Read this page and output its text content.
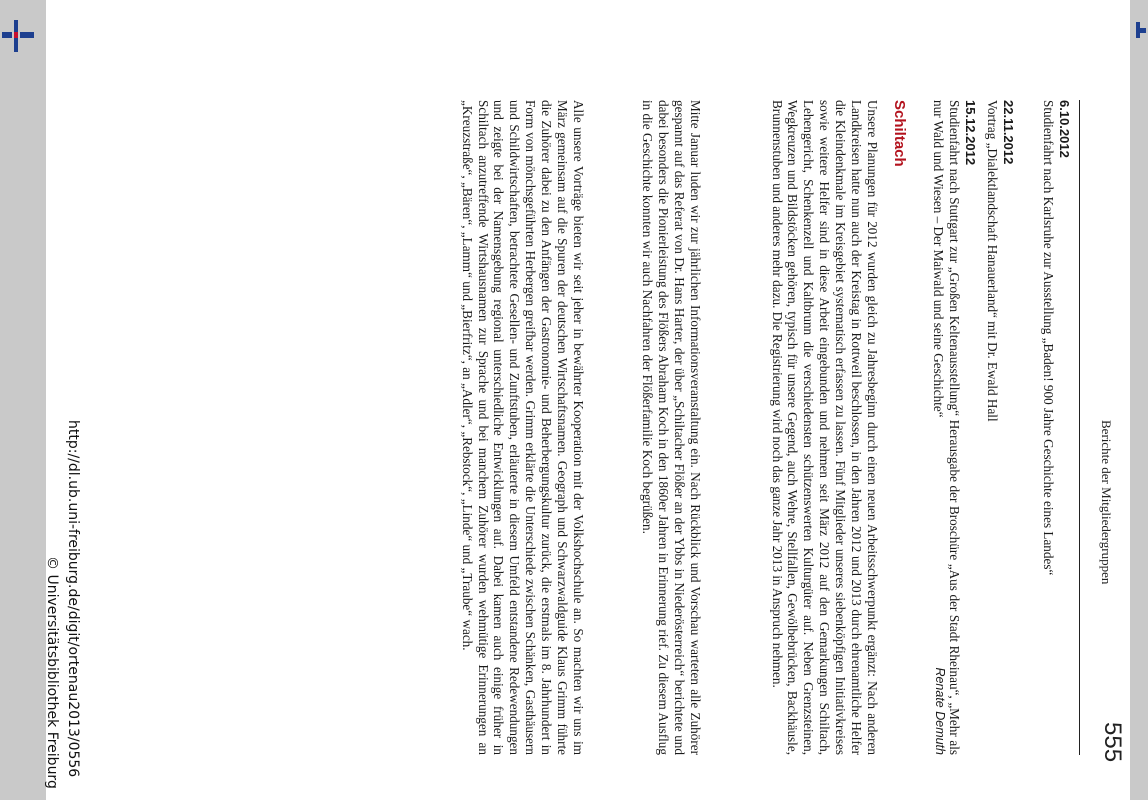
555
Berichte der Mitgliedergruppen

6.10.2012

Studienfahrt nach Karlsruhe zur Ausstellung „Baden! 900 Jahre Geschichte eines Landes“

22.11.2012

Vortrag „Dialektlandschaft Hanauerland“ mit Dr. Ewald Hall

15.12.2012

Studienfahrt nach Stuttgart zur „Großen Keltenausstellung“ Herausgabe der Broschüre „Aus der Stadt Rheinau“, „Mehr als nur Wald und Wiesen – Der Maiwald und seine Geschichte“

Renate Demuth
Schiltach

Unsere Planungen für 2012 wurden gleich zu Jahresbeginn durch einen neuen Arbeitsschwerpunkt ergänzt: Nach anderen Landkreisen hatte nun auch der Kreistag in Rottweil beschlossen, in den Jahren 2012 und 2013 durch ehrenamtliche Helfer die Kleindenkmale im Kreisgebiet systematisch erfassen zu lassen. Fünf Mitglieder unseres siebenköpfigen Initiativkreises sowie weitere Helfer sind in diese Arbeit eingebunden und nehmen seit März 2012 auf den Gemarkungen Schiltach, Lehengericht, Schenkenzell und Kaltbrunn die verschiedensten schützenswerten Kulturgüter auf. Neben Grenzsteinen, Wegkreuzen und Bildstöcken gehören, typisch für unsere Gegend, auch Wehre, Stellfallen, Gewölbebrücken, Backhäusle, Brunnenstuben und anderes mehr dazu. Die Registrierung wird noch das ganze Jahr 2013 in Anspruch nehmen.

Mitte Januar luden wir zur jährlichen Informationsveranstaltung ein. Nach Rückblick und Vorschau warteten alle Zuhörer gespannt auf das Referat von Dr. Hans Harter, der über „Schiltacher Flößer an der Ybbs in Niederösterreich“ berichtete und dabei besonders die Pionierleistung des Flößers Abraham Koch in den 1860er Jahren in Erinnerung rief. Zu diesem Ausflug in die Geschichte konnten wir auch Nachfahren der Flößerfamilie Koch begrüßen.

Alle unsere Vorträge bieten wir seit jeher in bewährter Kooperation mit der Volkshochschule an. So machten wir uns im März gemeinsam auf die Spuren der deutschen Wirtschaftsnamen. Geograph und Schwarzwaldguide Klaus Grimm führte die Zuhörer dabei zu den Anfängen der Gastronomie- und Beherbergungskultur zurück, die erstmals im 8. Jahrhundert in Form von mönchsgeführten Herbergen greifbar werden. Grimm erklärte die Unterschiede zwischen Schänken, Gasthäusern und Schildwirtschaften, betrachtete Gesellen- und Zunftstuben, erläuterte in diesem Umfeld entstandene Redewendungen und zeigte bei der Namensgebung regional unterschiedliche Entwicklungen auf. Dabei kamen auch einige früher in Schiltach anzutreffende Wirtshausnamen zur Sprache und bei manchem Zuhörer wurden wehmütige Erinnerungen an „Kreuzstraße“, „Bären“, „Lamm“ und „Bierfritz“, an „Adler“, „Rebstock“, „Linde“ und „Traube“ wach.

http://dl.ub.uni-freiburg.de/digit/ortenau2013/0556
© Universitätsbibliothek Freiburg
